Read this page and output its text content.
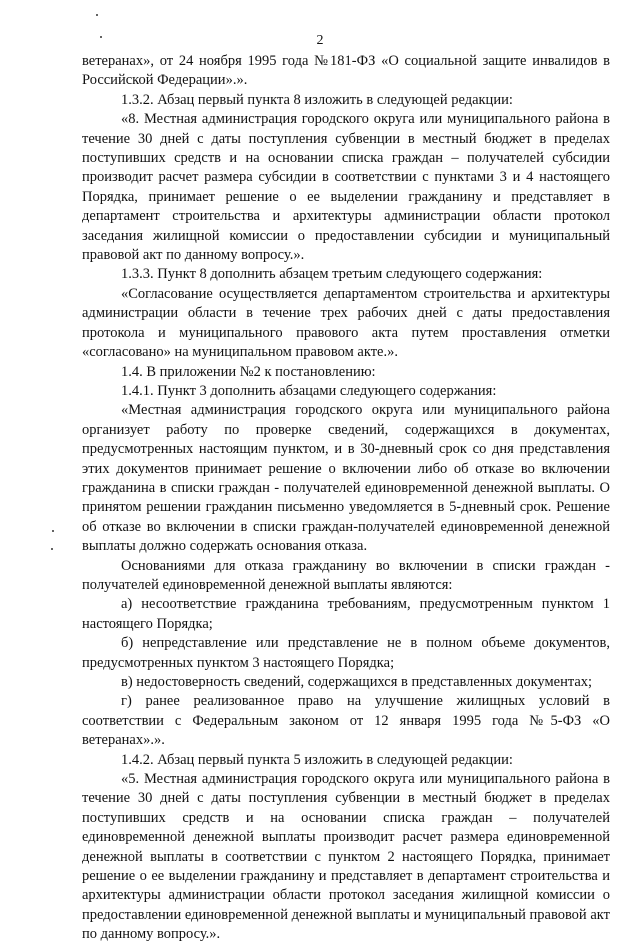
2

ветеранах», от 24 ноября 1995 года №181-ФЗ «О социальной защите инвалидов в Российской Федерации».».

1.3.2. Абзац первый пункта 8 изложить в следующей редакции:

«8. Местная администрация городского округа или муниципального района в течение 30 дней с даты поступления субвенции в местный бюджет в пределах поступивших средств и на основании списка граждан – получателей субсидии производит расчет размера субсидии в соответствии с пунктами 3 и 4 настоящего Порядка, принимает решение о ее выделении гражданину и представляет в департамент строительства и архитектуры администрации области протокол заседания жилищной комиссии о предоставлении субсидии и муниципальный правовой акт по данному вопросу.».

1.3.3. Пункт 8 дополнить абзацем третьим следующего содержания:

«Согласование осуществляется департаментом строительства и архитектуры администрации области в течение трех рабочих дней с даты предоставления протокола и муниципального правового акта путем проставления отметки «согласовано» на муниципальном правовом акте.».

1.4. В приложении №2 к постановлению:

1.4.1. Пункт 3 дополнить абзацами следующего содержания:

«Местная администрация городского округа или муниципального района организует работу по проверке сведений, содержащихся в документах, предусмотренных настоящим пунктом, и в 30-дневный срок со дня представления этих документов принимает решение о включении либо об отказе во включении гражданина в списки граждан - получателей единовременной денежной выплаты. О принятом решении гражданин письменно уведомляется в 5-дневный срок. Решение об отказе во включении в списки граждан-получателей единовременной денежной выплаты должно содержать основания отказа.

Основаниями для отказа гражданину во включении в списки граждан - получателей единовременной денежной выплаты являются:

а) несоответствие гражданина требованиям, предусмотренным пунктом 1 настоящего Порядка;

б) непредставление или представление не в полном объеме документов, предусмотренных пунктом 3 настоящего Порядка;

в) недостоверность сведений, содержащихся в представленных документах;

г) ранее реализованное право на улучшение жилищных условий в соответствии с Федеральным законом от 12 января 1995 года №5-ФЗ «О ветеранах».».

1.4.2. Абзац первый пункта 5 изложить в следующей редакции:

«5. Местная администрация городского округа или муниципального района в течение 30 дней с даты поступления субвенции в местный бюджет в пределах поступивших средств и на основании списка граждан – получателей единовременной денежной выплаты производит расчет размера единовременной денежной выплаты в соответствии с пунктом 2 настоящего Порядка, принимает решение о ее выделении гражданину и представляет в департамент строительства и архитектуры администрации области протокол заседания жилищной комиссии о предоставлении единовременной денежной выплаты и муниципальный правовой акт по данному вопросу.».
